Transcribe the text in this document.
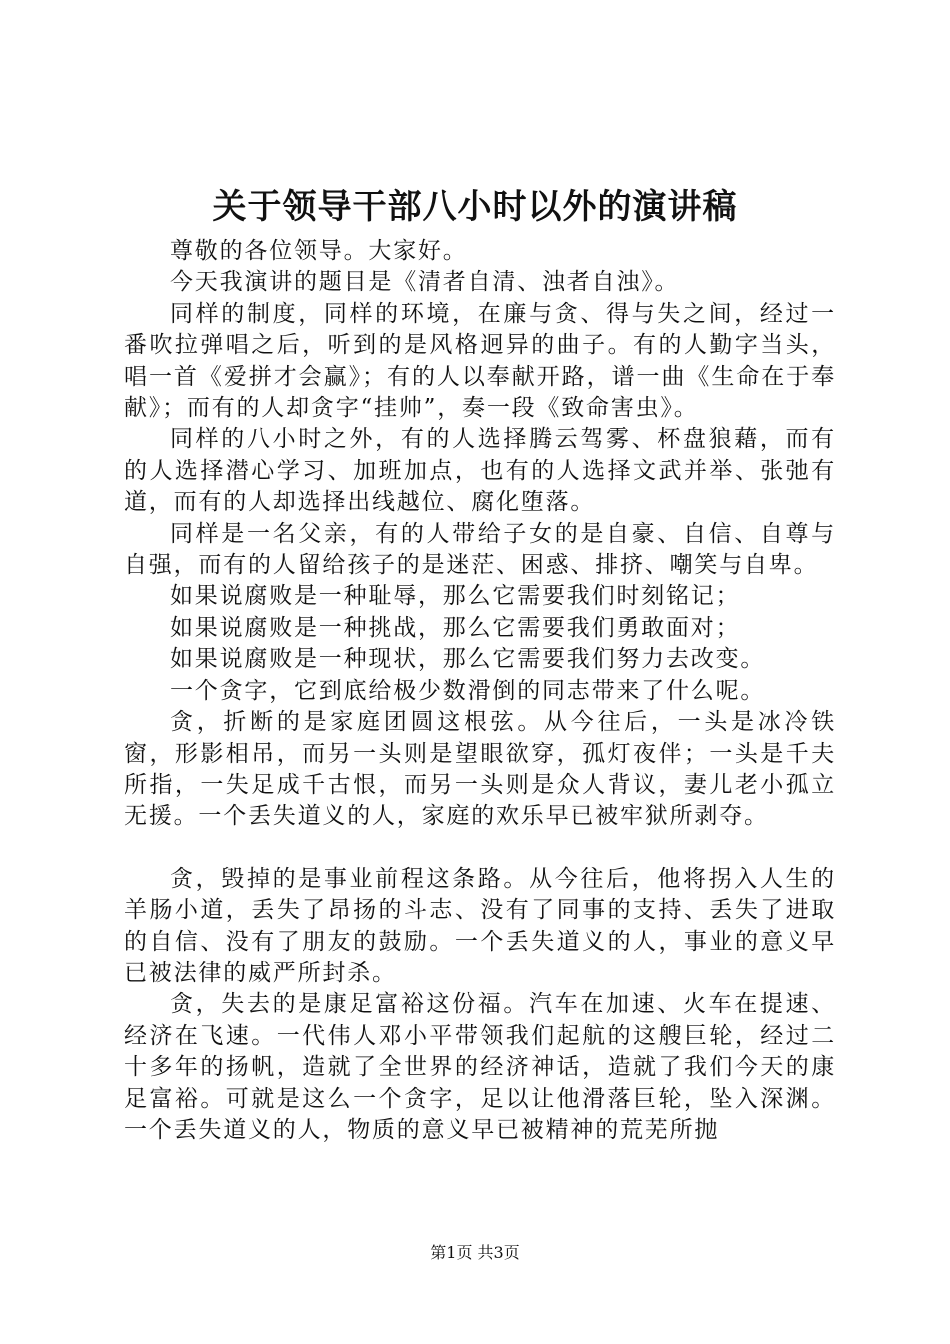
关于领导干部八小时以外的演讲稿

尊敬的各位领导。大家好。

今天我演讲的题目是《清者自清、浊者自浊》。

同样的制度，同样的环境，在廉与贪、得与失之间，经过一番吹拉弹唱之后，听到的是风格迥异的曲子。有的人勤字当头，唱一首《爱拼才会赢》；有的人以奉献开路，谱一曲《生命在于奉献》；而有的人却贪字“挂帅”，奏一段《致命害虫》。

同样的八小时之外，有的人选择腾云驾雾、杯盘狼藉，而有的人选择潜心学习、加班加点，也有的人选择文武并举、张弛有道，而有的人却选择出线越位、腐化堕落。

同样是一名父亲，有的人带给子女的是自豪、自信、自尊与自强，而有的人留给孩子的是迷茫、困惑、排挤、嘲笑与自卑。

如果说腐败是一种耻辱，那么它需要我们时刻铭记；

如果说腐败是一种挑战，那么它需要我们勇敢面对；

如果说腐败是一种现状，那么它需要我们努力去改变。

一个贪字，它到底给极少数滑倒的同志带来了什么呢。

贪，折断的是家庭团圆这根弦。从今往后，一头是冰冷铁窗，形影相吊，而另一头则是望眼欲穿，孤灯夜伴；一头是千夫所指，一失足成千古恨，而另一头则是众人背议，妻儿老小孤立无援。一个丢失道义的人，家庭的欢乐早已被牢狱所剥夺。

贪，毁掉的是事业前程这条路。从今往后，他将拐入人生的羊肠小道，丢失了昂扬的斗志、没有了同事的支持、丢失了进取的自信、没有了朋友的鼓励。一个丢失道义的人，事业的意义早已被法律的威严所封杀。

贪，失去的是康足富裕这份福。汽车在加速、火车在提速、经济在飞速。一代伟人邓小平带领我们起航的这艘巨轮，经过二十多年的扬帆，造就了全世界的经济神话，造就了我们今天的康足富裕。可就是这么一个贪字，足以让他滑落巨轮，坠入深渊。一个丢失道义的人，物质的意义早已被精神的荒芜所抛

第1页 共3页
